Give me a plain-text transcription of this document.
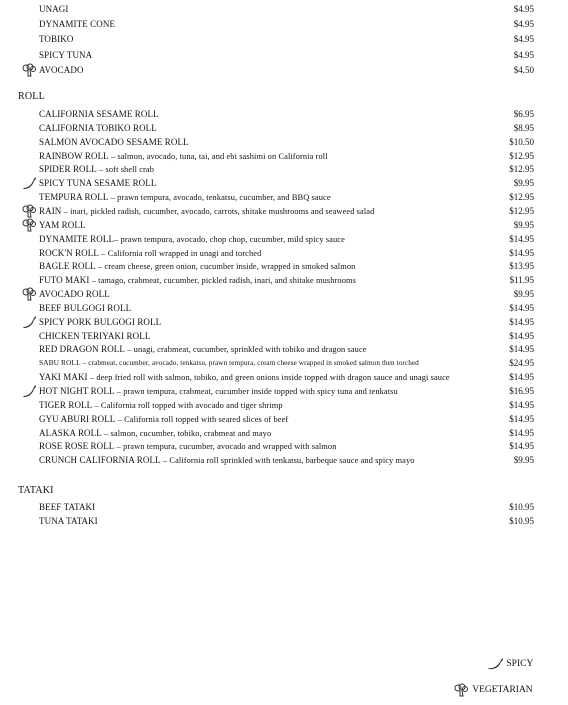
UNAGI	$4.95
DYNAMITE CONE	$4.95
TOBIKO	$4.95
SPICY TUNA	$4.95
AVOCADO	$4.50
ROLL
CALIFORNIA SESAME ROLL	$6.95
CALIFORNIA TOBIKO ROLL	$8.95
SALMON AVOCADO SESAME ROLL	$10.50
RAINBOW ROLL – salmon, avocado, tuna, tai, and ebi sashimi on California roll	$12.95
SPIDER ROLL – soft shell crab	$12.95
SPICY TUNA SESAME ROLL	$9.95
TEMPURA ROLL – prawn tempura, avocado, tenkatsu, cucumber, and BBQ sauce	$12.95
RAIN – inari, pickled radish, cucumber, avocado, carrots, shitake mushrooms and seaweed salad	$12.95
YAM ROLL	$9.95
DYNAMITE ROLL– prawn tempura, avocado, chop chop, cucumber, mild spicy sauce	$14.95
ROCK'N ROLL – California roll wrapped in unagi and torched	$14.95
BAGLE ROLL – cream cheese, green onion, cucumber inside, wrapped in smoked salmon	$13.95
FUTO MAKI – tamago, crabmeat, cucumber, pickled radish, inari, and shitake mushrooms	$11.95
AVOCADO ROLL	$9.95
BEEF BULGOGI ROLL	$14.95
SPICY PORK BULGOGI ROLL	$14.95
CHICKEN TERIYAKI ROLL	$14.95
RED DRAGON ROLL – unagi, crabmeat, cucumber, sprinkled with tobiko and dragon sauce	$14.95
SABU ROLL – crabmeat, cucumber, avocado, tenkatsu, prawn tempura, cream cheese wrapped in smoked salmon then torched	$24.95
YAKI MAKI – deep fried roll with salmon, tobiko, and green onions inside topped with dragon sauce and unagi sauce	$14.95
HOT NIGHT ROLL – prawn tempura, crabmeat, cucumber inside topped with spicy tuna and tenkatsu	$16.95
TIGER ROLL – California roll topped with avocado and tiger shrimp	$14.95
GYU ABURI ROLL – California roll topped with seared slices of beef	$14.95
ALASKA ROLL – salmon, cucumber, tobiko, crabmeat and mayo	$14.95
ROSE ROSE ROLL – prawn tempura, cucumber, avocado and wrapped with salmon	$14.95
CRUNCH CALIFORNIA ROLL – California roll sprinkled with tenkatsu, barbeque sauce and spicy mayo	$9.95
TATAKI
BEEF TATAKI	$10.95
TUNA TATAKI	$10.95
SPICY
VEGETARIAN
